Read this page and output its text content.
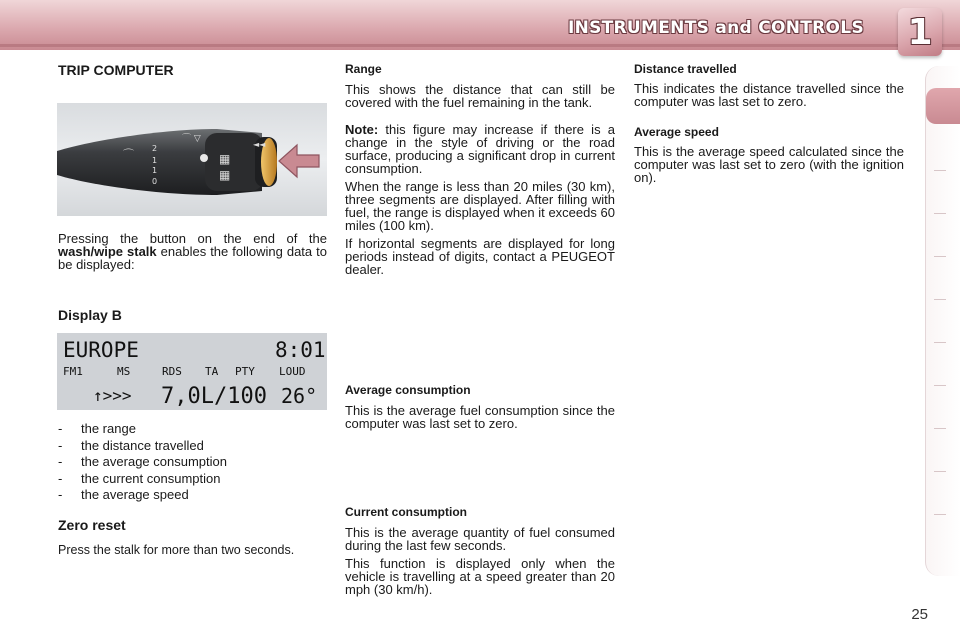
INSTRUMENTS and CONTROLS 1
TRIP COMPUTER
⌒ 2
1
1
0
▦
▦
⌒ ▽
◄◄

Pressing the button on the end of the wash/wipe stalk enables the following data to be displayed:

Display B
EUROPE	8:01
FM1	MS	RDS TA PTY LOUD
↑>>> 7,0L/100 26°
- the range
- the distance travelled
- the average consumption
- the current consumption
- the average speed
Zero reset
Press the stalk for more than two seconds.

Range

This shows the distance that can still be covered with the fuel remaining in the tank.

Note: this figure may increase if there is a change in the style of driving or the road surface, producing a significant drop in current consumption.

When the range is less than 20 miles (30 km), three segments are displayed. After filling with fuel, the range is displayed when it exceeds 60 miles (100 km).

If horizontal segments are displayed for long periods instead of digits, contact a PEUGEOT dealer.

Average consumption

This is the average fuel consumption since the computer was last set to zero.

Current consumption

This is the average quantity of fuel consumed during the last few seconds.

This function is displayed only when the vehicle is travelling at a speed greater than 20 mph (30 km/h).

Distance travelled

This indicates the distance travelled since the computer was last set to zero.

Average speed

This is the average speed calculated since the computer was last set to zero (with the ignition on).

25
